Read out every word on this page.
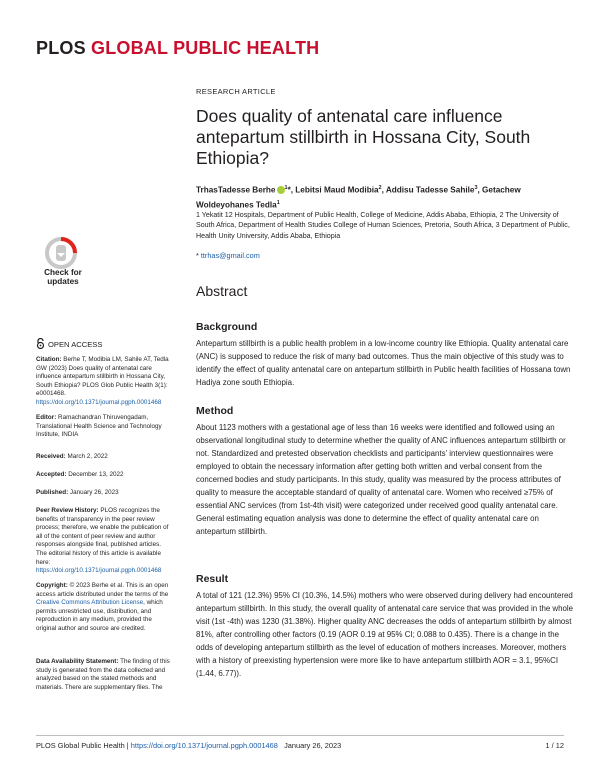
PLOS GLOBAL PUBLIC HEALTH
RESEARCH ARTICLE
Does quality of antenatal care influence antepartum stillbirth in Hossana City, South Ethiopia?
TrhasTadesse Berhe $^1$*, Lebitsi Maud Modibia$^2$, Addisu Tadesse Sahile$^3$, Getachew Woldeyohanes Tedla$^1$
1 Yekatit 12 Hospitals, Department of Public Health, College of Medicine, Addis Ababa, Ethiopia, 2 The University of South Africa, Department of Health Studies College of Human Sciences, Pretoria, South Africa, 3 Department of Public, Health Unity University, Addis Ababa, Ethiopia
* ttrhas@gmail.com
Abstract
Background

Antepartum stillbirth is a public health problem in a low-income country like Ethiopia. Quality antenatal care (ANC) is supposed to reduce the risk of many bad outcomes. Thus the main objective of this study was to identify the effect of quality antenatal care on antepartum stillbirth in Public health facilities of Hossana town Hadiya zone south Ethiopia.

Method

About 1123 mothers with a gestational age of less than 16 weeks were identified and followed using an observational longitudinal study to determine whether the quality of ANC influences antepartum stillbirth or not. Standardized and pretested observation checklists and participants’ interview questionnaires were employed to obtain the necessary information after getting both written and verbal consent from the concerned bodies and study participants. In this study, quality was measured by the process attributes of quality to measure the acceptable standard of quality of antenatal care. Women who received ≥75% of essential ANC services (from 1st-4th visit) were categorized under received good quality antenatal care. General estimating equation analysis was done to determine the effect of quality antenatal care on antepartum stillbirth.

Result

A total of 121 (12.3%) 95% CI (10.3%, 14.5%) mothers who were observed during delivery had encountered antepartum stillbirth. In this study, the overall quality of antenatal care service that was provided in the whole visit (1st -4th) was 1230 (31.38%). Higher quality ANC decreases the odds of antepartum stillbirth by almost 81%, after controlling other factors (0.19 (AOR 0.19 at 95% CI; 0.088 to 0.435). There is a change in the odds of developing antepartum stillbirth as the level of education of mothers increases. Moreover, mothers with a history of preexisting hypertension were more like to have antepartum stillbirth AOR = 3.1, 95%CI (1.44, 6.77)).

Check for
updates
OPEN ACCESS

Citation: Berhe T, Modibia LM, Sahile AT, Tedla GW (2023) Does quality of antenatal care influence antepartum stillbirth in Hossana City, South Ethiopia? PLOS Glob Public Health 3(1): e0001468. https://doi.org/10.1371/journal.pgph.0001468

Editor: Ramachandran Thiruvengadam, Translational Health Science and Technology Institute, INDIA

Received: March 2, 2022

Accepted: December 13, 2022

Published: January 26, 2023

Peer Review History: PLOS recognizes the benefits of transparency in the peer review process; therefore, we enable the publication of all of the content of peer review and author responses alongside final, published articles. The editorial history of this article is available here: https://doi.org/10.1371/journal.pgph.0001468

Copyright: © 2023 Berhe et al. This is an open access article distributed under the terms of the Creative Commons Attribution License, which permits unrestricted use, distribution, and reproduction in any medium, provided the original author and source are credited.

Data Availability Statement: The finding of this study is generated from the data collected and analyzed based on the stated methods and materials. There are supplementary files. The

PLOS Global Public Health | https://doi.org/10.1371/journal.pgph.0001468 January 26, 2023	1 / 12
